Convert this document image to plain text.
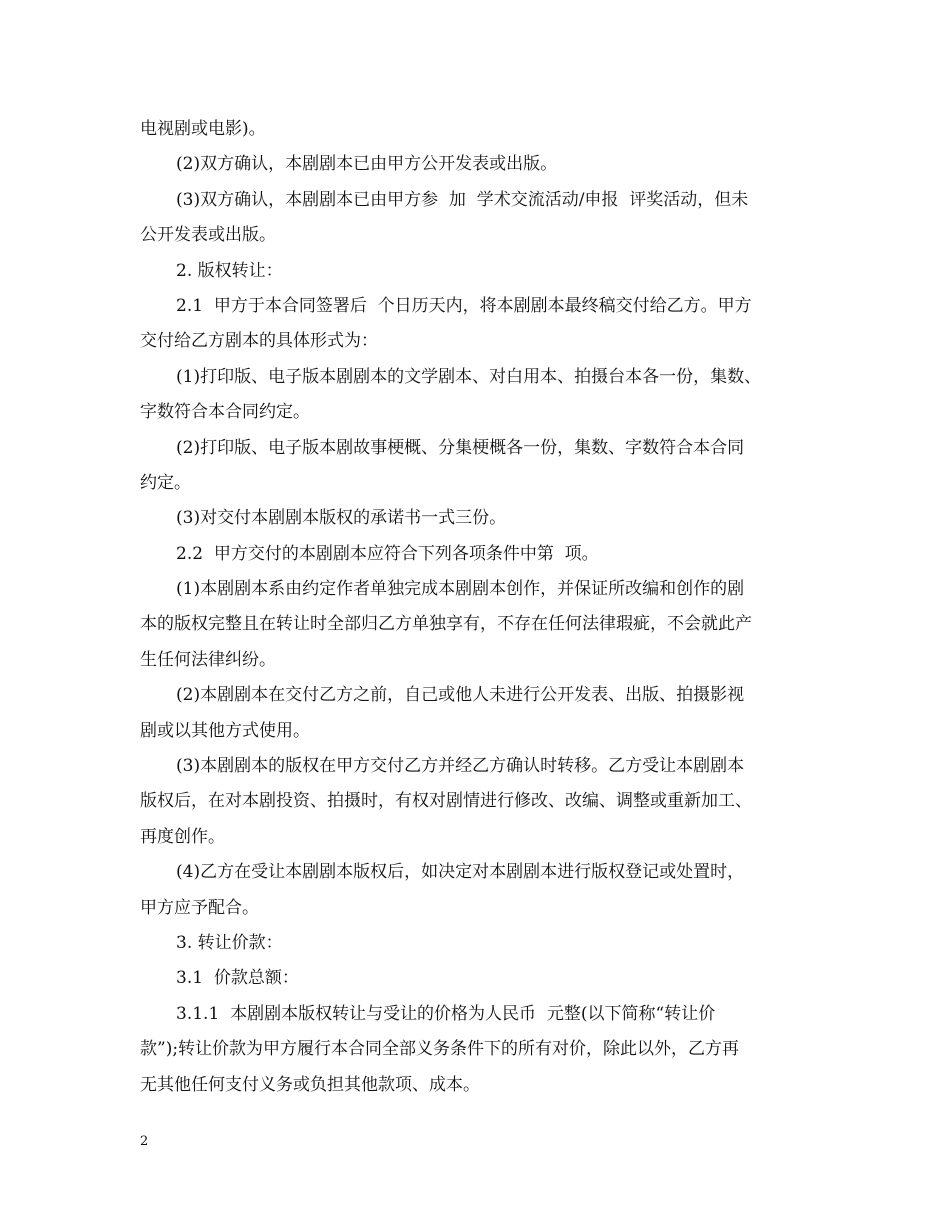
电视剧或电影)。
(2)双方确认，本剧剧本已由甲方公开发表或出版。
(3)双方确认，本剧剧本已由甲方参  加  学术交流活动/申报  评奖活动，但未
公开发表或出版。
2. 版权转让：
2.1  甲方于本合同签署后  个日历天内，将本剧剧本最终稿交付给乙方。甲方
交付给乙方剧本的具体形式为：
(1)打印版、电子版本剧剧本的文学剧本、对白用本、拍摄台本各一份，集数、
字数符合本合同约定。
(2)打印版、电子版本剧故事梗概、分集梗概各一份，集数、字数符合本合同
约定。
(3)对交付本剧剧本版权的承诺书一式三份。
2.2  甲方交付的本剧剧本应符合下列各项条件中第  项。
(1)本剧剧本系由约定作者单独完成本剧剧本创作，并保证所改编和创作的剧
本的版权完整且在转让时全部归乙方单独享有，不存在任何法律瑕疵，不会就此产
生任何法律纠纷。
(2)本剧剧本在交付乙方之前，自己或他人未进行公开发表、出版、拍摄影视
剧或以其他方式使用。
(3)本剧剧本的版权在甲方交付乙方并经乙方确认时转移。乙方受让本剧剧本
版权后，在对本剧投资、拍摄时，有权对剧情进行修改、改编、调整或重新加工、
再度创作。
(4)乙方在受让本剧剧本版权后，如决定对本剧剧本进行版权登记或处置时，
甲方应予配合。
3. 转让价款：
3.1  价款总额：
3.1.1  本剧剧本版权转让与受让的价格为人民币  元整(以下简称“转让价
款”);转让价款为甲方履行本合同全部义务条件下的所有对价，除此以外，乙方再
无其他任何支付义务或负担其他款项、成本。
2
